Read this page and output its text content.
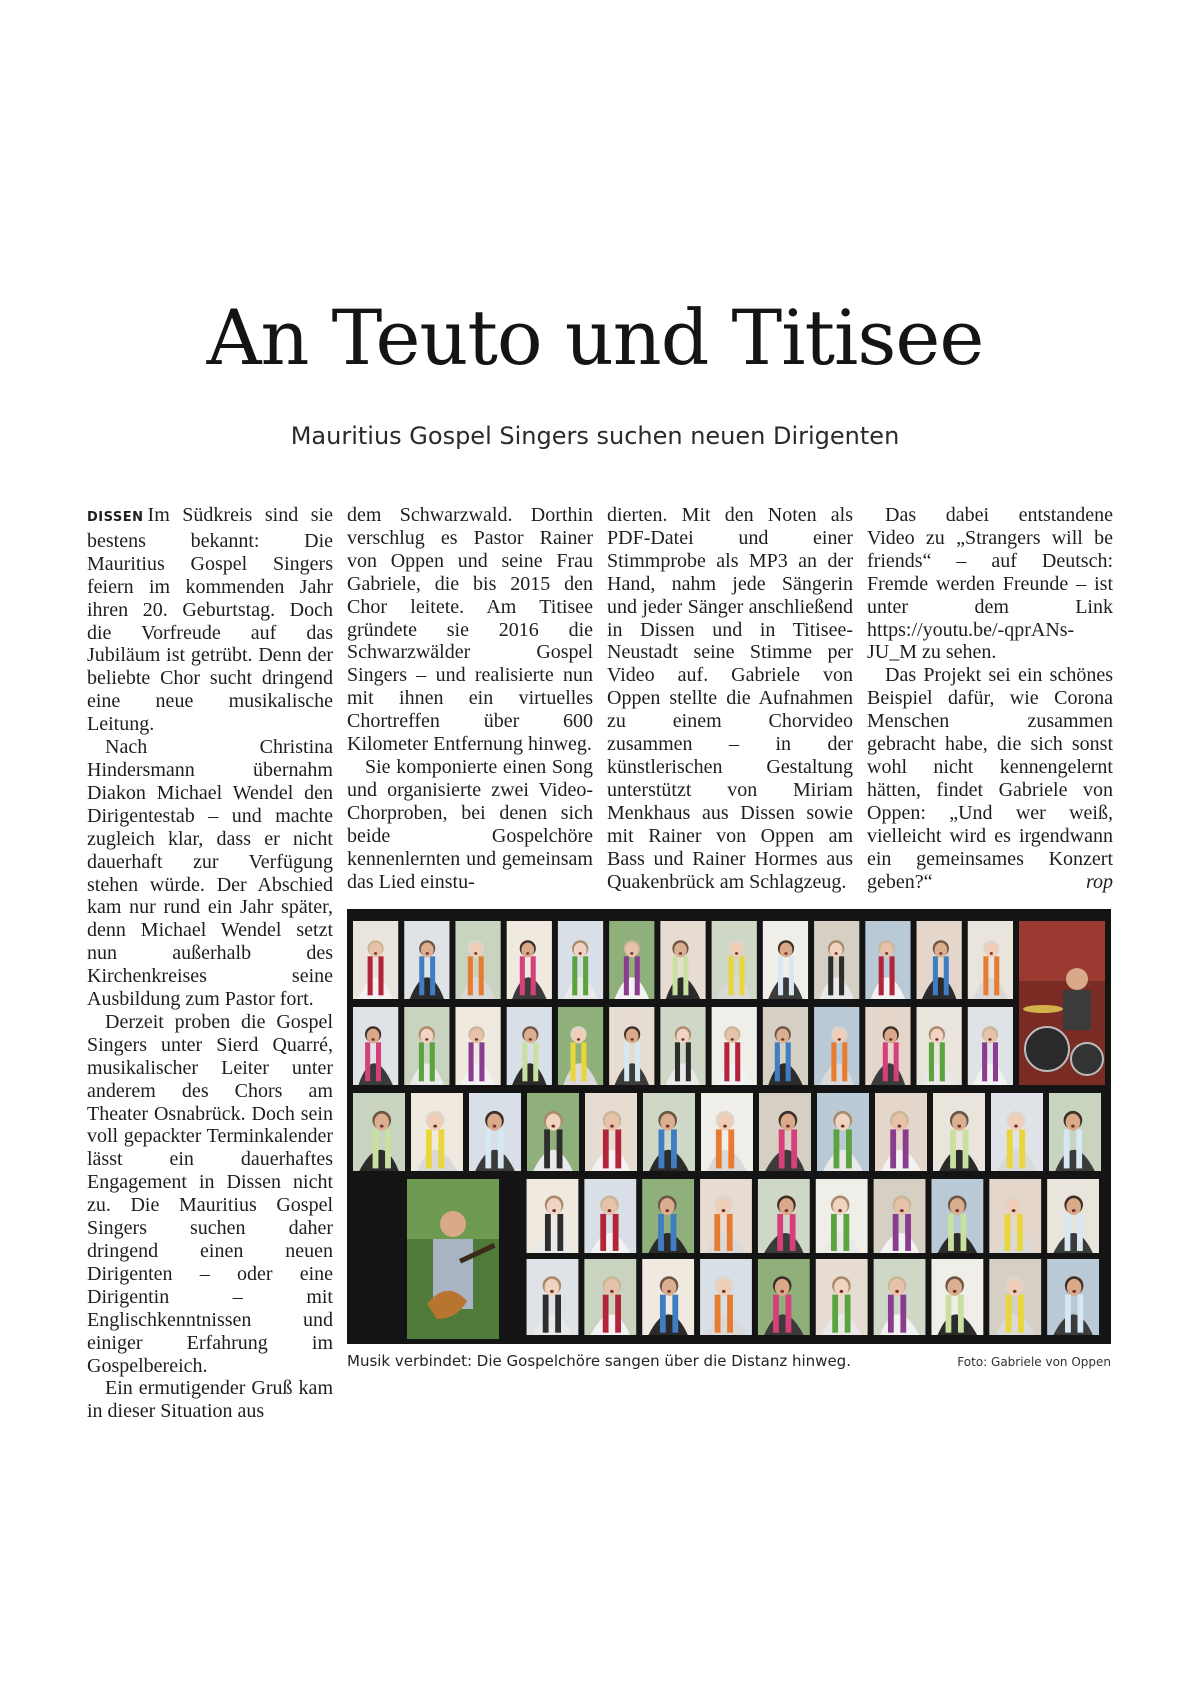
An Teuto und Titisee
Mauritius Gospel Singers suchen neuen Dirigenten

DISSEN Im Südkreis sind sie bestens bekannt: Die Mauritius Gospel Singers feiern im kommenden Jahr ihren 20. Geburtstag. Doch die Vorfreude auf das Jubiläum ist getrübt. Denn der beliebte Chor sucht dringend eine neue musikalische Leitung.

Nach Christina Hindersmann übernahm Diakon Michael Wendel den Dirigentestab – und machte zugleich klar, dass er nicht dauerhaft zur Verfügung stehen würde. Der Abschied kam nur rund ein Jahr später, denn Michael Wendel setzt nun außerhalb des Kirchenkreises seine Ausbildung zum Pastor fort.

Derzeit proben die Gospel Singers unter Sierd Quarré, musikalischer Leiter unter anderem des Chors am Theater Osnabrück. Doch sein voll gepackter Terminkalender lässt ein dauerhaftes Engagement in Dissen nicht zu. Die Mauritius Gospel Singers suchen daher dringend einen neuen Dirigenten – oder eine Dirigentin – mit Englischkenntnissen und einiger Erfahrung im Gospelbereich.

Ein ermutigender Gruß kam in dieser Situation aus

dem Schwarzwald. Dorthin verschlug es Pastor Rainer von Oppen und seine Frau Gabriele, die bis 2015 den Chor leitete. Am Titisee gründete sie 2016 die Schwarzwälder Gospel Singers – und realisierte nun mit ihnen ein virtuelles Chortreffen über 600 Kilometer Entfernung hinweg.

Sie komponierte einen Song und organisierte zwei Video-Chorproben, bei denen sich beide Gospelchöre kennenlernten und gemeinsam das Lied einstu-

dierten. Mit den Noten als PDF-Datei und einer Stimmprobe als MP3 an der Hand, nahm jede Sängerin und jeder Sänger anschließend in Dissen und in Titisee-Neustadt seine Stimme per Video auf. Gabriele von Oppen stellte die Aufnahmen zu einem Chorvideo zusammen – in der künstlerischen Gestaltung unterstützt von Miriam Menkhaus aus Dissen sowie mit Rainer von Oppen am Bass und Rainer Hormes aus Quakenbrück am Schlagzeug.

Das dabei entstandene Video zu „Strangers will be friends“ – auf Deutsch: Fremde werden Freunde – ist unter dem Link https://youtu.be/-qprANs-JU_M zu sehen.

Das Projekt sei ein schönes Beispiel dafür, wie Corona Menschen zusammen gebracht habe, die sich sonst wohl nicht kennengelernt hätten, findet Gabriele von Oppen: „Und wer weiß, vielleicht wird es irgendwann ein gemeinsames Konzert geben?“	rop

Musik verbindet: Die Gospelchöre sangen über die Distanz hinweg.	Foto: Gabriele von Oppen
